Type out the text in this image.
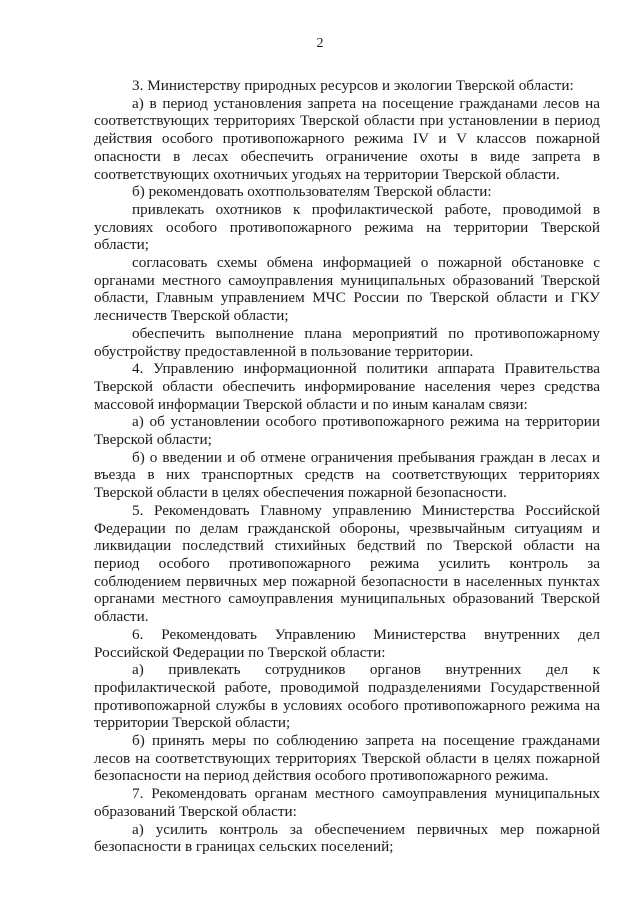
2
3. Министерству природных ресурсов и экологии Тверской области:
а) в период установления запрета на посещение гражданами лесов на
соответствующих территориях Тверской области при установлении в период
действия особого противопожарного режима IV и V классов пожарной
опасности в лесах обеспечить ограничение охоты в виде запрета в
соответствующих охотничьих угодьях на территории Тверской области.
б) рекомендовать охотпользователям Тверской области:
привлекать охотников к профилактической работе, проводимой в
условиях особого противопожарного режима на территории Тверской
области;
согласовать схемы обмена информацией о пожарной обстановке с
органами местного самоуправления муниципальных образований Тверской
области, Главным управлением МЧС России по Тверской области и ГКУ
лесничеств Тверской области;
обеспечить выполнение плана мероприятий по противопожарному
обустройству предоставленной в пользование территории.
4. Управлению информационной политики аппарата Правительства
Тверской области обеспечить информирование населения через средства
массовой информации Тверской области и по иным каналам связи:
а) об установлении особого противопожарного режима на территории
Тверской области;
б) о введении и об отмене ограничения пребывания граждан в лесах и
въезда в них транспортных средств на соответствующих территориях
Тверской области в целях обеспечения пожарной безопасности.
5. Рекомендовать Главному управлению Министерства Российской
Федерации по делам гражданской обороны, чрезвычайным ситуациям и
ликвидации последствий стихийных бедствий по Тверской области на
период особого противопожарного режима усилить контроль за
соблюдением первичных мер пожарной безопасности в населенных пунктах
органами местного самоуправления муниципальных образований Тверской
области.
6. Рекомендовать Управлению Министерства внутренних дел
Российской Федерации по Тверской области:
а) привлекать сотрудников органов внутренних дел к
профилактической работе, проводимой подразделениями Государственной
противопожарной службы в условиях особого противопожарного режима на
территории Тверской области;
б) принять меры по соблюдению запрета на посещение гражданами
лесов на соответствующих территориях Тверской области в целях пожарной
безопасности на период действия особого противопожарного режима.
7. Рекомендовать органам местного самоуправления муниципальных
образований Тверской области:
а) усилить контроль за обеспечением первичных мер пожарной
безопасности в границах сельских поселений;
